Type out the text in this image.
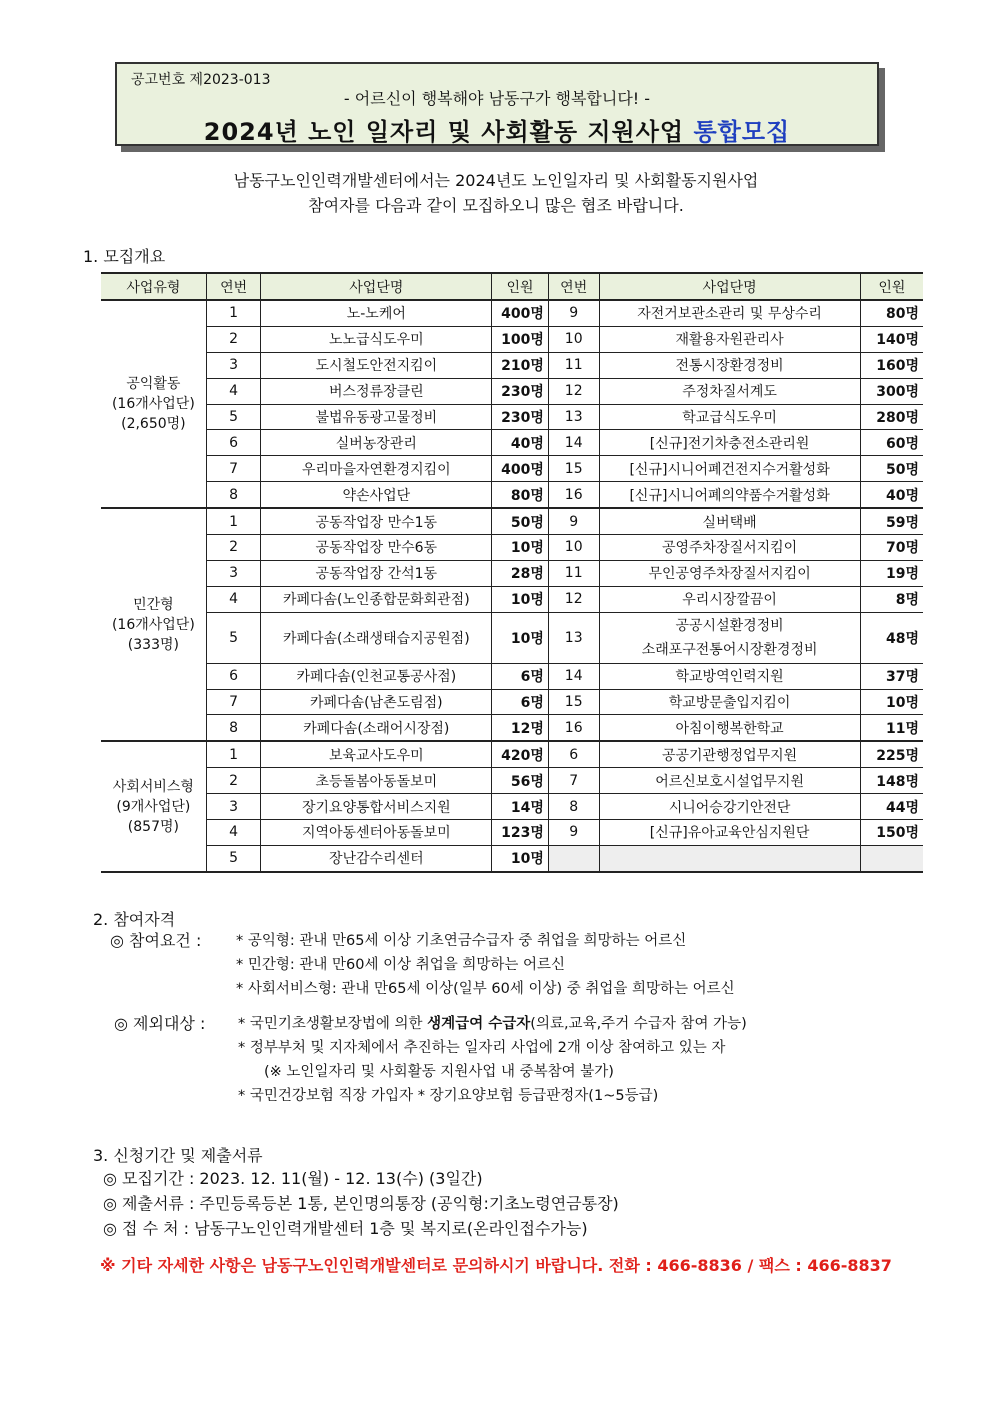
공고번호 제2023-013
- 어르신이 행복해야 남동구가 행복합니다! -
2024년 노인 일자리 및 사회활동 지원사업 통합모집
남동구노인인력개발센터에서는 2024년도 노인일자리 및 사회활동지원사업
참여자를 다음과 같이 모집하오니 많은 협조 바랍니다.
1. 모집개요
사업유형	연번	사업단명	인원	연번	사업단명	인원

공익활동
(16개사업단)
(2,650명)	1	노-노케어	400명	9	자전거보관소관리 및 무상수리	80명
	2	노노급식도우미	100명	10	재활용자원관리사	140명
	3	도시철도안전지킴이	210명	11	전통시장환경정비	160명
	4	버스정류장클린	230명	12	주정차질서계도	300명
	5	불법유동광고물정비	230명	13	학교급식도우미	280명
	6	실버농장관리	40명	14	[신규]전기차충전소관리원	60명
	7	우리마을자연환경지킴이	400명	15	[신규]시니어폐건전지수거활성화	50명
	8	약손사업단	80명	16	[신규]시니어폐의약품수거활성화	40명

민간형
(16개사업단)
(333명)	1	공동작업장 만수1동	50명	9	실버택배	59명
	2	공동작업장 만수6동	10명	10	공영주차장질서지킴이	70명
	3	공동작업장 간석1동	28명	11	무인공영주차장질서지킴이	19명
	4	카페다솜(노인종합문화회관점)	10명	12	우리시장깔끔이	8명
	5	카페다솜(소래생태습지공원점)	10명	13	공공시설환경정비
소래포구전통어시장환경정비	48명
	6	카페다솜(인천교통공사점)	6명	14	학교방역인력지원	37명
	7	카페다솜(남촌도림점)	6명	15	학교방문출입지킴이	10명
	8	카페다솜(소래어시장점)	12명	16	아침이행복한학교	11명

사회서비스형
(9개사업단)
(857명)	1	보육교사도우미	420명	6	공공기관행정업무지원	225명
	2	초등돌봄아동돌보미	56명	7	어르신보호시설업무지원	148명
	3	장기요양통합서비스지원	14명	8	시니어승강기안전단	44명
	4	지역아동센터아동돌보미	123명	9	[신규]유아교육안심지원단	150명
	5	장난감수리센터	10명			
2. 참여자격
◎ 참여요건 : * 공익형: 관내 만65세 이상 기초연금수급자 중 취업을 희망하는 어르신
* 민간형: 관내 만60세 이상 취업을 희망하는 어르신
* 사회서비스형: 관내 만65세 이상(일부 60세 이상) 중 취업을 희망하는 어르신
◎ 제외대상 : * 국민기초생활보장법에 의한 생계급여 수급자(의료,교육,주거 수급자 참여 가능)
* 정부부처 및 지자체에서 추진하는 일자리 사업에 2개 이상 참여하고 있는 자
(※ 노인일자리 및 사회활동 지원사업 내 중복참여 불가)
* 국민건강보험 직장 가입자 * 장기요양보험 등급판정자(1~5등급)
3. 신청기간 및 제출서류
◎ 모집기간 : 2023. 12. 11(월) - 12. 13(수) (3일간)
◎ 제출서류 : 주민등록등본 1통, 본인명의통장 (공익형:기초노령연금통장)
◎ 접 수 처 : 남동구노인인력개발센터 1층 및 복지로(온라인접수가능)
※ 기타 자세한 사항은 남동구노인인력개발센터로 문의하시기 바랍니다. 전화 : 466-8836 / 팩스 : 466-8837
